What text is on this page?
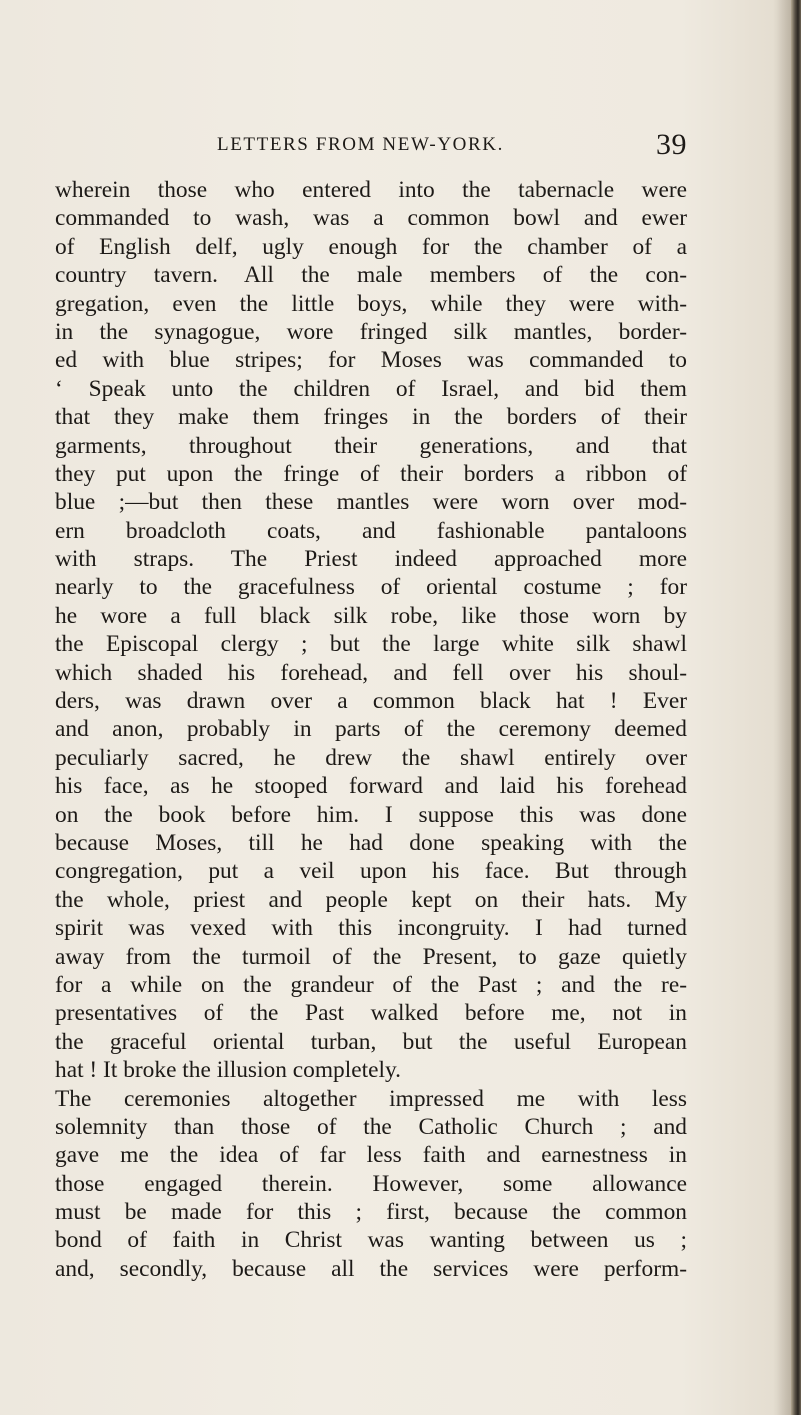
LETTERS FROM NEW-YORK.	39
wherein those who entered into the tabernacle were
commanded to wash, was a common bowl and ewer
of English delf, ugly enough for the chamber of a
country tavern. All the male members of the con-
gregation, even the little boys, while they were with-
in the synagogue, wore fringed silk mantles, border-
ed with blue stripes; for Moses was commanded to
‘ Speak unto the children of Israel, and bid them
that they make them fringes in the borders of their
garments, throughout their generations, and that
they put upon the fringe of their borders a ribbon of
blue ;—but then these mantles were worn over mod-
ern broadcloth coats, and fashionable pantaloons
with straps. The Priest indeed approached more
nearly to the gracefulness of oriental costume ; for
he wore a full black silk robe, like those worn by
the Episcopal clergy ; but the large white silk shawl
which shaded his forehead, and fell over his shoul-
ders, was drawn over a common black hat ! Ever
and anon, probably in parts of the ceremony deemed
peculiarly sacred, he drew the shawl entirely over
his face, as he stooped forward and laid his forehead
on the book before him. I suppose this was done
because Moses, till he had done speaking with the
congregation, put a veil upon his face. But through
the whole, priest and people kept on their hats. My
spirit was vexed with this incongruity. I had turned
away from the turmoil of the Present, to gaze quietly
for a while on the grandeur of the Past ; and the re-
presentatives of the Past walked before me, not in
the graceful oriental turban, but the useful European
hat ! It broke the illusion completely.
The ceremonies altogether impressed me with less
solemnity than those of the Catholic Church ; and
gave me the idea of far less faith and earnestness in
those engaged therein. However, some allowance
must be made for this ; first, because the common
bond of faith in Christ was wanting between us ;
and, secondly, because all the services were perform-
